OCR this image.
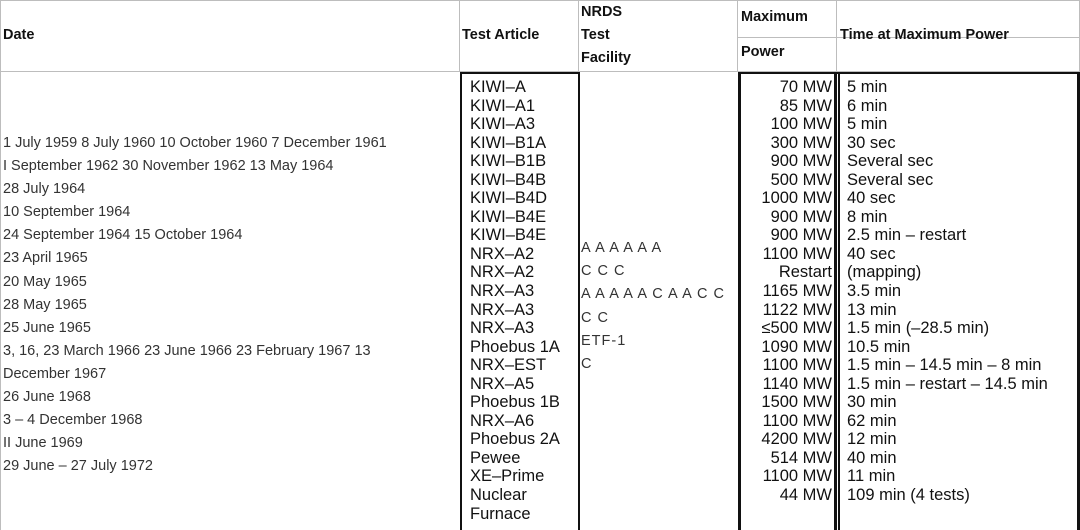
Date	Test Article
NRDS
Test
Facility
Maximum
Power
Time at Maximum Power
1 July 1959 8 July 1960 10 October 1960 7 December 1961
I September 1962 30 November 1962 13 May 1964
28 July 1964
10 September 1964
24 September 1964 15 October 1964
23 April 1965
20 May 1965
28 May 1965
25 June 1965
3, 16, 23 March 1966 23 June 1966 23 February 1967 13
December 1967
26 June 1968
3 – 4 December 1968
II June 1969
29 June – 27 July 1972
KIWI–A
KIWI–A1
KIWI–A3
KIWI–B1A
KIWI–B1B
KIWI–B4B
KIWI–B4D
KIWI–B4E
KIWI–B4E
NRX–A2
NRX–A2
NRX–A3
NRX–A3
NRX–A3
Phoebus 1A
NRX–EST
NRX–A5
Phoebus 1B
NRX–A6
Phoebus 2A
Pewee
XE–Prime
Nuclear
Furnace
A A A A A A
C C C
A A A A A C A A C C
C C
ETF-1
C
70 MW
85 MW
100 MW
300 MW
900 MW
500 MW
1000 MW
900 MW
900 MW
1100 MW
Restart
1165 MW
1122 MW
≤500 MW
1090 MW
1100 MW
1140 MW
1500 MW
1100 MW
4200 MW
514 MW
1100 MW
44 MW
5 min
6 min
5 min
30 sec
Several sec
Several sec
40 sec
8 min
2.5 min – restart
40 sec
(mapping)
3.5 min
13 min
1.5 min (–28.5 min)
10.5 min
1.5 min – 14.5 min – 8 min
1.5 min – restart – 14.5 min
30 min
62 min
12 min
40 min
11 min
109 min (4 tests)
